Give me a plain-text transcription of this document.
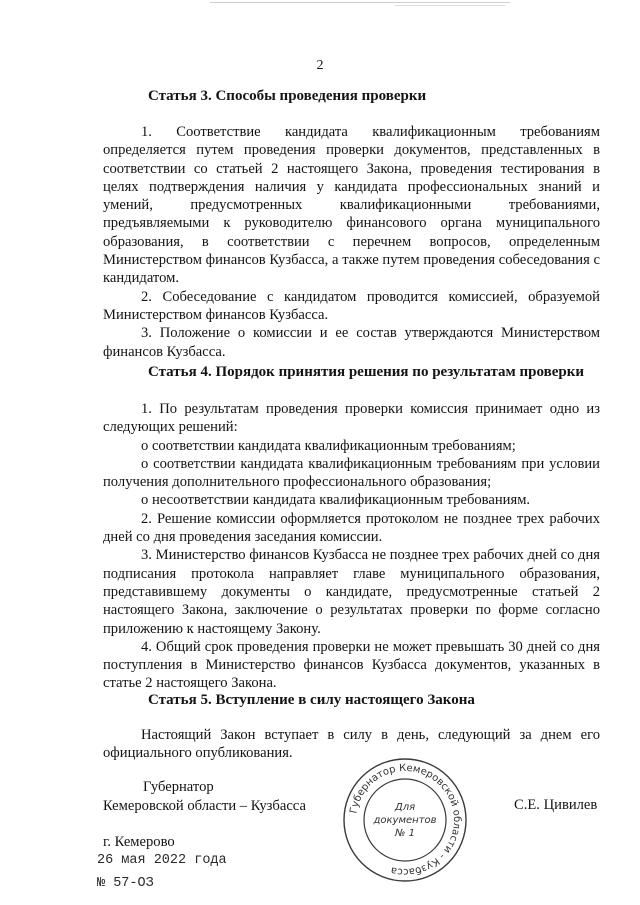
2
Статья 3. Способы проведения проверки

1. Соответствие кандидата квалификационным требованиям определяется путем проведения проверки документов, представленных в соответствии со статьей 2 настоящего Закона, проведения тестирования в целях подтверждения наличия у кандидата профессиональных знаний и умений, предусмотренных квалификационными требованиями, предъявляемыми к руководителю финансового органа муниципального образования, в соответствии с перечнем вопросов, определенным Министерством финансов Кузбасса, а также путем проведения собеседования с кандидатом.

2. Собеседование с кандидатом проводится комиссией, образуемой Министерством финансов Кузбасса.

3. Положение о комиссии и ее состав утверждаются Министерством финансов Кузбасса.

Статья 4. Порядок принятия решения по результатам проверки

1. По результатам проведения проверки комиссия принимает одно из следующих решений:

о соответствии кандидата квалификационным требованиям;

о соответствии кандидата квалификационным требованиям при условии получения дополнительного профессионального образования;

о несоответствии кандидата квалификационным требованиям.

2. Решение комиссии оформляется протоколом не позднее трех рабочих дней со дня проведения заседания комиссии.

3. Министерство финансов Кузбасса не позднее трех рабочих дней со дня подписания протокола направляет главе муниципального образования, представившему документы о кандидате, предусмотренные статьей 2 настоящего Закона, заключение о результатах проверки по форме согласно приложению к настоящему Закону.

4. Общий срок проведения проверки не может превышать 30 дней со дня поступления в Министерство финансов Кузбасса документов, указанных в статье 2 настоящего Закона.

Статья 5. Вступление в силу настоящего Закона

Настоящий Закон вступает в силу в день, следующий за днем его официального опубликования.

Губернатор
Кемеровской области – Кузбасса	С.Е. Цивилев
Губернатор Кемеровской области - Кузбасса
Для
документов
№ 1
г. Кемерово
26 мая 2022 года
№ 57-ОЗ
